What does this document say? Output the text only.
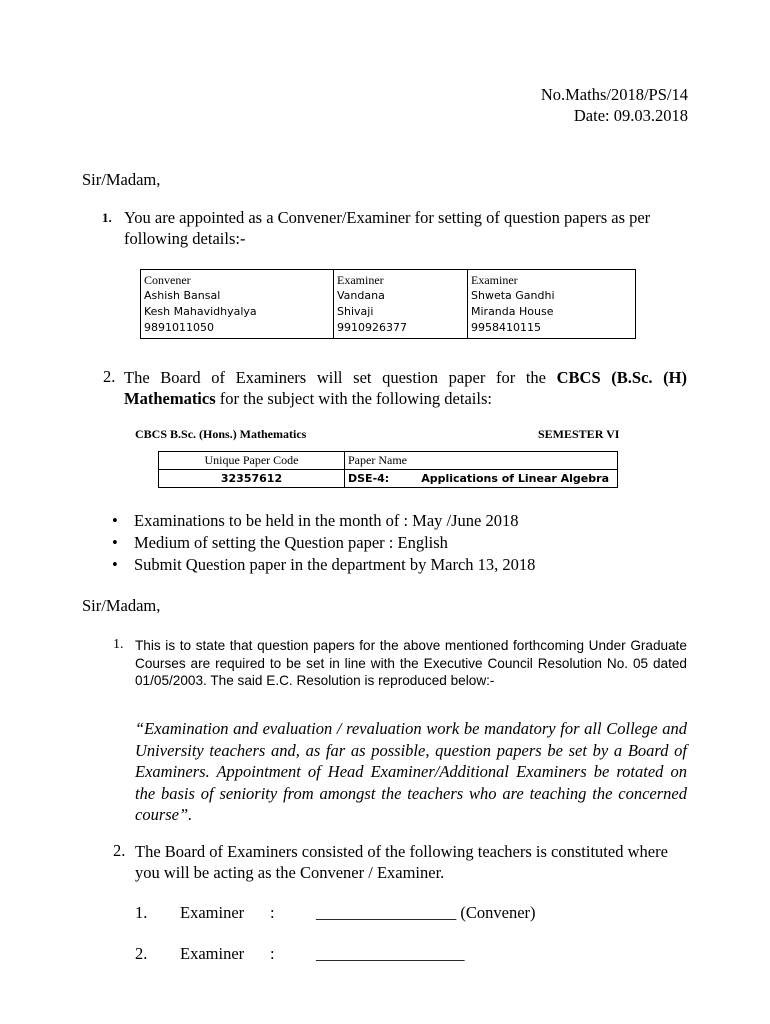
No.Maths/2018/PS/14
Date: 09.03.2018
Sir/Madam,
1. You are appointed as a Convener/Examiner for setting of question papers as per following details:-
Convener
Ashish Bansal
Kesh Mahavidhyalya
9891011050

Examiner
Vandana
Shivaji
9910926377

Examiner
Shweta Gandhi
Miranda House
9958410115
2. The Board of Examiners will set question paper for the CBCS (B.Sc. (H) Mathematics for the subject with the following details:
CBCS B.Sc. (Hons.) Mathematics	SEMESTER VI
Unique Paper Code	Paper Name
32357612	DSE-4: Applications of Linear Algebra
• Examinations to be held in the month of : May /June 2018
• Medium of setting the Question paper : English
• Submit Question paper in the department by March 13, 2018
Sir/Madam,
1. This is to state that question papers for the above mentioned forthcoming Under Graduate Courses are required to be set in line with the Executive Council Resolution No. 05 dated 01/05/2003. The said E.C. Resolution is reproduced below:-
“Examination and evaluation / revaluation work be mandatory for all College and University teachers and, as far as possible, question papers be set by a Board of Examiners. Appointment of Head Examiner/Additional Examiners be rotated on the basis of seniority from amongst the teachers who are teaching the concerned course”.
2. The Board of Examiners consisted of the following teachers is constituted where you will be acting as the Convener / Examiner.
1. Examiner :	_________________ (Convener)
2. Examiner :	__________________
